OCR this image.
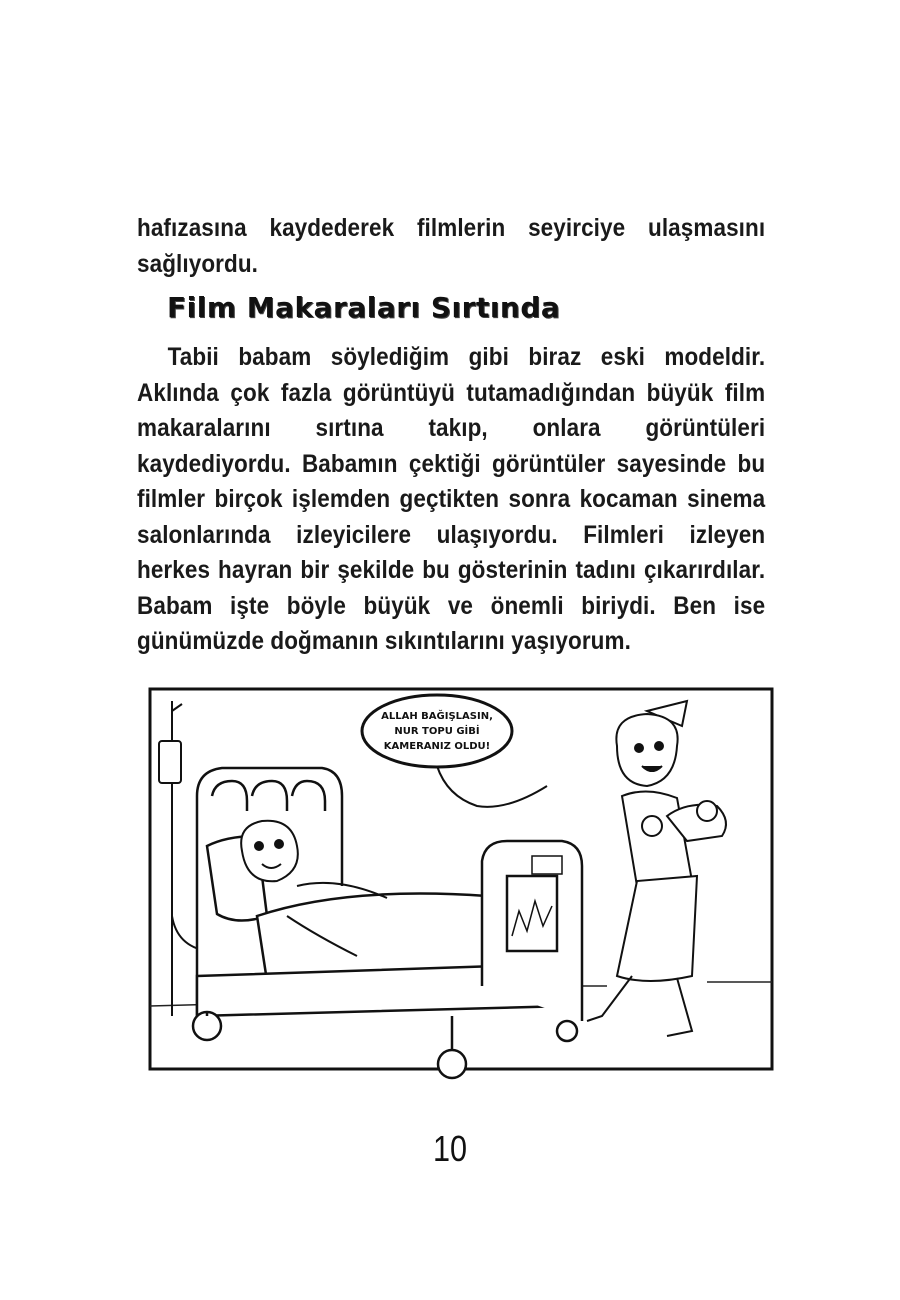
hafızasına kaydederek filmlerin seyirciye ulaşmasını sağlıyordu.

Film Makaraları Sırtında

Tabii babam söylediğim gibi biraz eski modeldir. Aklında çok fazla görüntüyü tutamadığından büyük film makaralarını sırtına takıp, onlara görüntüleri kaydediyordu. Babamın çektiği görüntüler sayesinde bu filmler birçok işlemden geçtikten sonra kocaman sinema salonlarında izleyicilere ulaşıyordu. Filmleri izleyen herkes hayran bir şekilde bu gösterinin tadını çıkarırdılar. Babam işte böyle büyük ve önemli biriydi. Ben ise günümüzde doğmanın sıkıntılarını yaşıyorum.

ALLAH BAĞIŞLASIN,
NUR TOPU GİBİ
KAMERANIZ OLDU!
10
